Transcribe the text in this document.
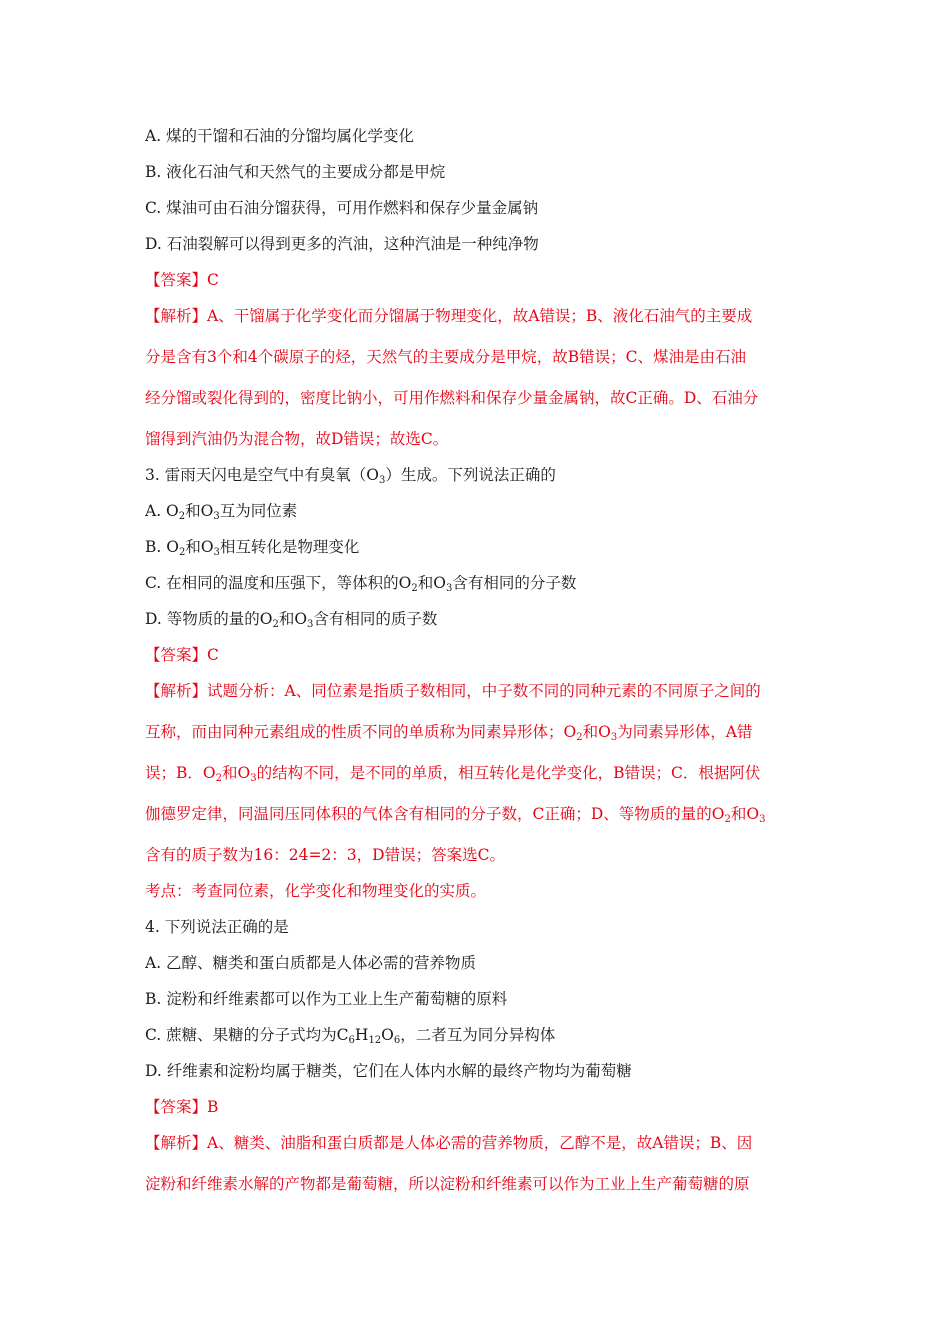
A. 煤的干馏和石油的分馏均属化学变化
B. 液化石油气和天然气的主要成分都是甲烷
C. 煤油可由石油分馏获得，可用作燃料和保存少量金属钠
D. 石油裂解可以得到更多的汽油，这种汽油是一种纯净物
【答案】C
【解析】A、干馏属于化学变化而分馏属于物理变化，故A错误；B、液化石油气的主要成
分是含有3个和4个碳原子的烃，天然气的主要成分是甲烷，故B错误；C、煤油是由石油
经分馏或裂化得到的，密度比钠小，可用作燃料和保存少量金属钠，故C正确。D、石油分
馏得到汽油仍为混合物，故D错误；故选C。
3. 雷雨天闪电是空气中有臭氧$(O_3)$生成。下列说法正确的
A. $O_2$和$O_3$互为同位素
B. $O_2$和$O_3$相互转化是物理变化
C. 在相同的温度和压强下，等体积的$O_2$和$O_3$含有相同的分子数
D. 等物质的量的$O_2$和$O_3$含有相同的质子数
【答案】C
【解析】试题分析：A、同位素是指质子数相同，中子数不同的同种元素的不同原子之间的
互称，而由同种元素组成的性质不同的单质称为同素异形体；$O_2$和$O_3$为同素异形体，A错
误；B．$O_2$和$O_3$的结构不同，是不同的单质，相互转化是化学变化，B错误；C．根据阿伏
伽德罗定律，同温同压同体积的气体含有相同的分子数，C正确；D、等物质的量的$O_2$和$O_3$
含有的质子数为16：24=2：3，D错误；答案选C。
考点：考查同位素，化学变化和物理变化的实质。
4. 下列说法正确的是
A. 乙醇、糖类和蛋白质都是人体必需的营养物质
B. 淀粉和纤维素都可以作为工业上生产葡萄糖的原料
C. 蔗糖、果糖的分子式均为$C_6H_{12}O_6$，二者互为同分异构体
D. 纤维素和淀粉均属于糖类，它们在人体内水解的最终产物均为葡萄糖
【答案】B
【解析】A、糖类、油脂和蛋白质都是人体必需的营养物质，乙醇不是，故A错误；B、因
淀粉和纤维素水解的产物都是葡萄糖，所以淀粉和纤维素可以作为工业上生产葡萄糖的原
